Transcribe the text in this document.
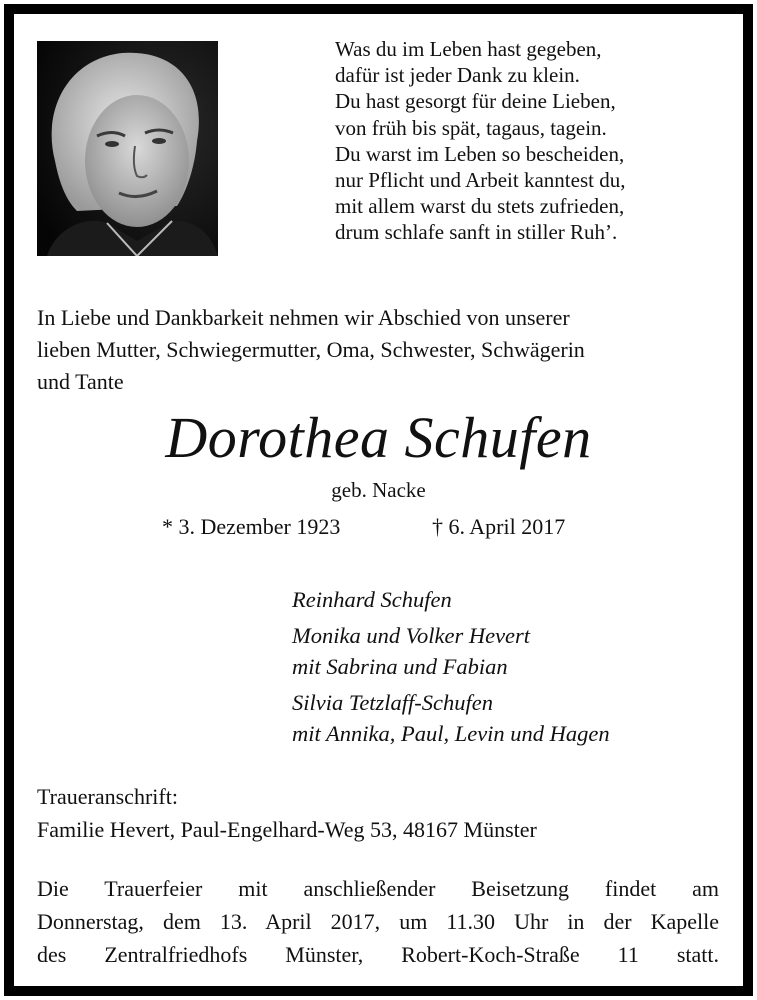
Was du im Leben hast gegeben,
dafür ist jeder Dank zu klein.
Du hast gesorgt für deine Lieben,
von früh bis spät, tagaus, tagein.
Du warst im Leben so bescheiden,
nur Pflicht und Arbeit kanntest du,
mit allem warst du stets zufrieden,
drum schlafe sanft in stiller Ruh’.
In Liebe und Dankbarkeit nehmen wir Abschied von unserer
lieben Mutter, Schwiegermutter, Oma, Schwester, Schwägerin
und Tante
Dorothea Schufen
geb. Nacke
* 3. Dezember 1923	† 6. April 2017
Reinhard Schufen
Monika und Volker Hevert
mit Sabrina und Fabian
Silvia Tetzlaff-Schufen
mit Annika, Paul, Levin und Hagen
Traueranschrift:
Familie Hevert, Paul-Engelhard-Weg 53, 48167 Münster
Die Trauerfeier mit anschließender Beisetzung findet am
Donnerstag, dem 13. April 2017, um 11.30 Uhr in der Kapelle
des Zentralfriedhofs Münster, Robert-Koch-Straße 11 statt.
